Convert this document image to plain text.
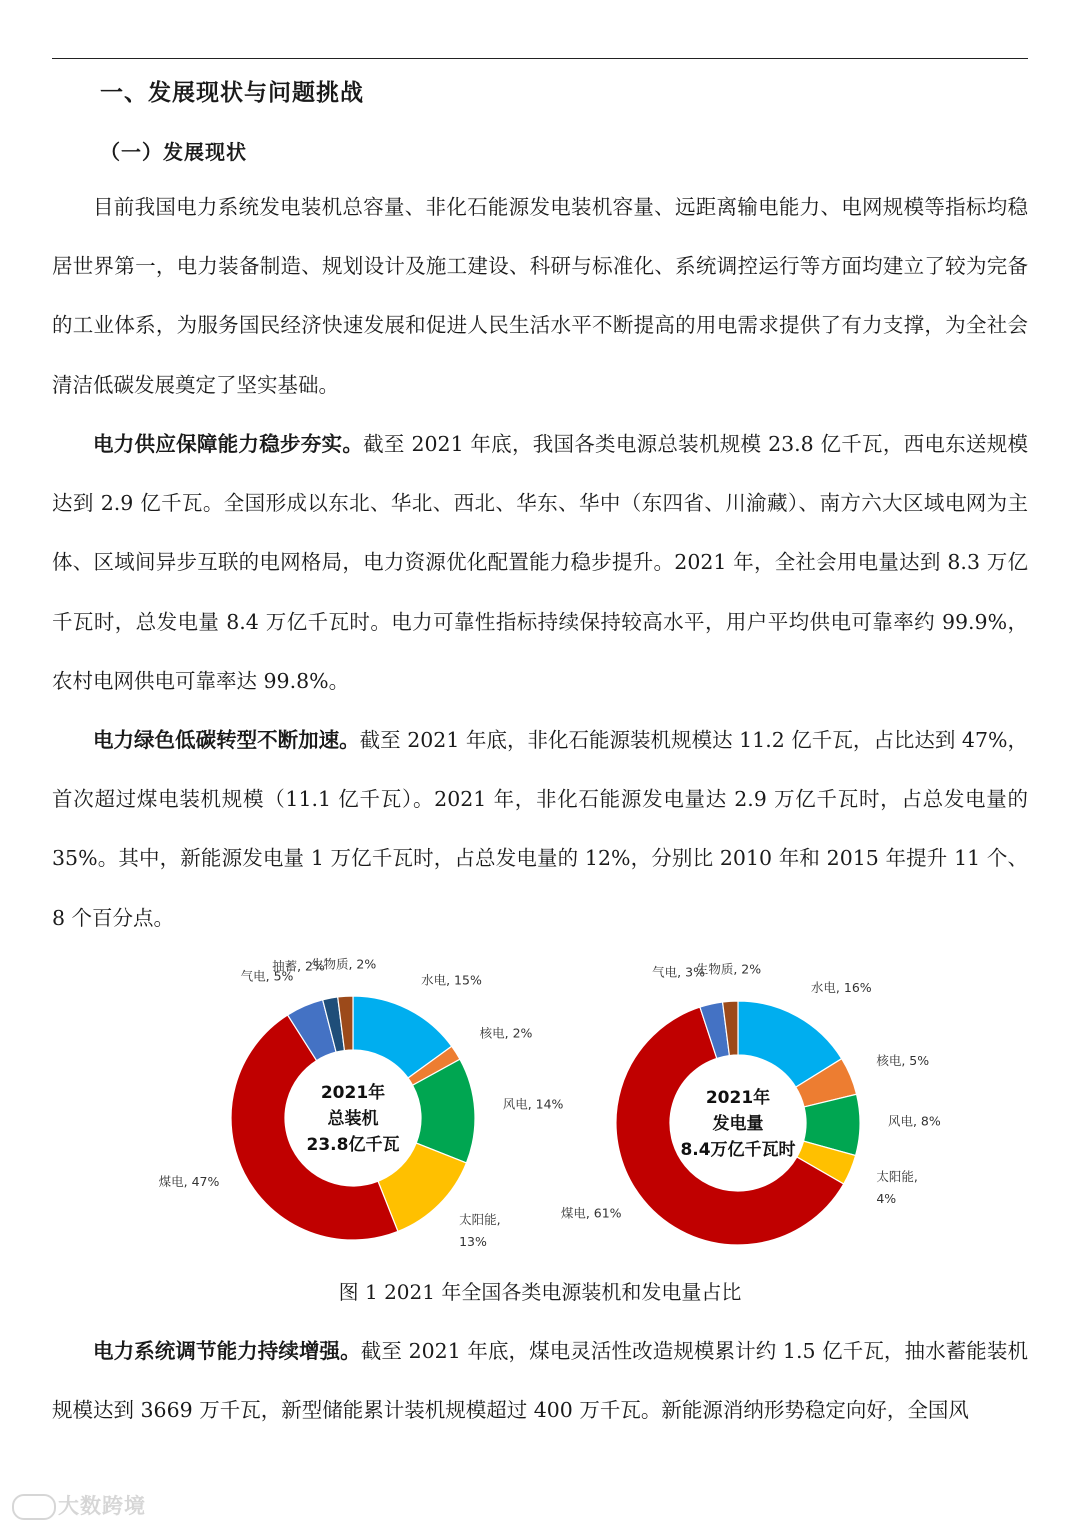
一、发展现状与问题挑战
（一）发展现状
目前我国电力系统发电装机总容量、非化石能源发电装机容量、远距离输电能力、电网规模等指标均稳居世界第一，电力装备制造、规划设计及施工建设、科研与标准化、系统调控运行等方面均建立了较为完备的工业体系，为服务国民经济快速发展和促进人民生活水平不断提高的用电需求提供了有力支撑，为全社会清洁低碳发展奠定了坚实基础。
电力供应保障能力稳步夯实。截至 2021 年底，我国各类电源总装机规模 23.8 亿千瓦，西电东送规模达到 2.9 亿千瓦。全国形成以东北、华北、西北、华东、华中（东四省、川渝藏）、南方六大区域电网为主体、区域间异步互联的电网格局，电力资源优化配置能力稳步提升。2021 年，全社会用电量达到 8.3 万亿千瓦时，总发电量 8.4 万亿千瓦时。电力可靠性指标持续保持较高水平，用户平均供电可靠率约 99.9%，农村电网供电可靠率达 99.8%。
电力绿色低碳转型不断加速。截至 2021 年底，非化石能源装机规模达 11.2 亿千瓦，占比达到 47%，首次超过煤电装机规模（11.1 亿千瓦）。2021 年，非化石能源发电量达 2.9 万亿千瓦时，占总发电量的 35%。其中，新能源发电量 1 万亿千瓦时，占总发电量的 12%，分别比 2010 年和 2015 年提升 11 个、8 个百分点。
水电, 15%
核电, 2%
风电, 14%
太阳能, 13%
煤电, 47%
气电, 5%
抽蓄, 2%
生物质, 2%
2021年
总装机
23.8亿千瓦
水电, 16%
核电, 5%
风电, 8%
太阳能, 4%
煤电, 61%
气电, 3%
生物质, 2%
2021年
发电量
8.4万亿千瓦时
图 1 2021 年全国各类电源装机和发电量占比
电力系统调节能力持续增强。截至 2021 年底，煤电灵活性改造规模累计约 1.5 亿千瓦，抽水蓄能装机规模达到 3669 万千瓦，新型储能累计装机规模超过 400 万千瓦。新能源消纳形势稳定向好，全国风
大数跨境
